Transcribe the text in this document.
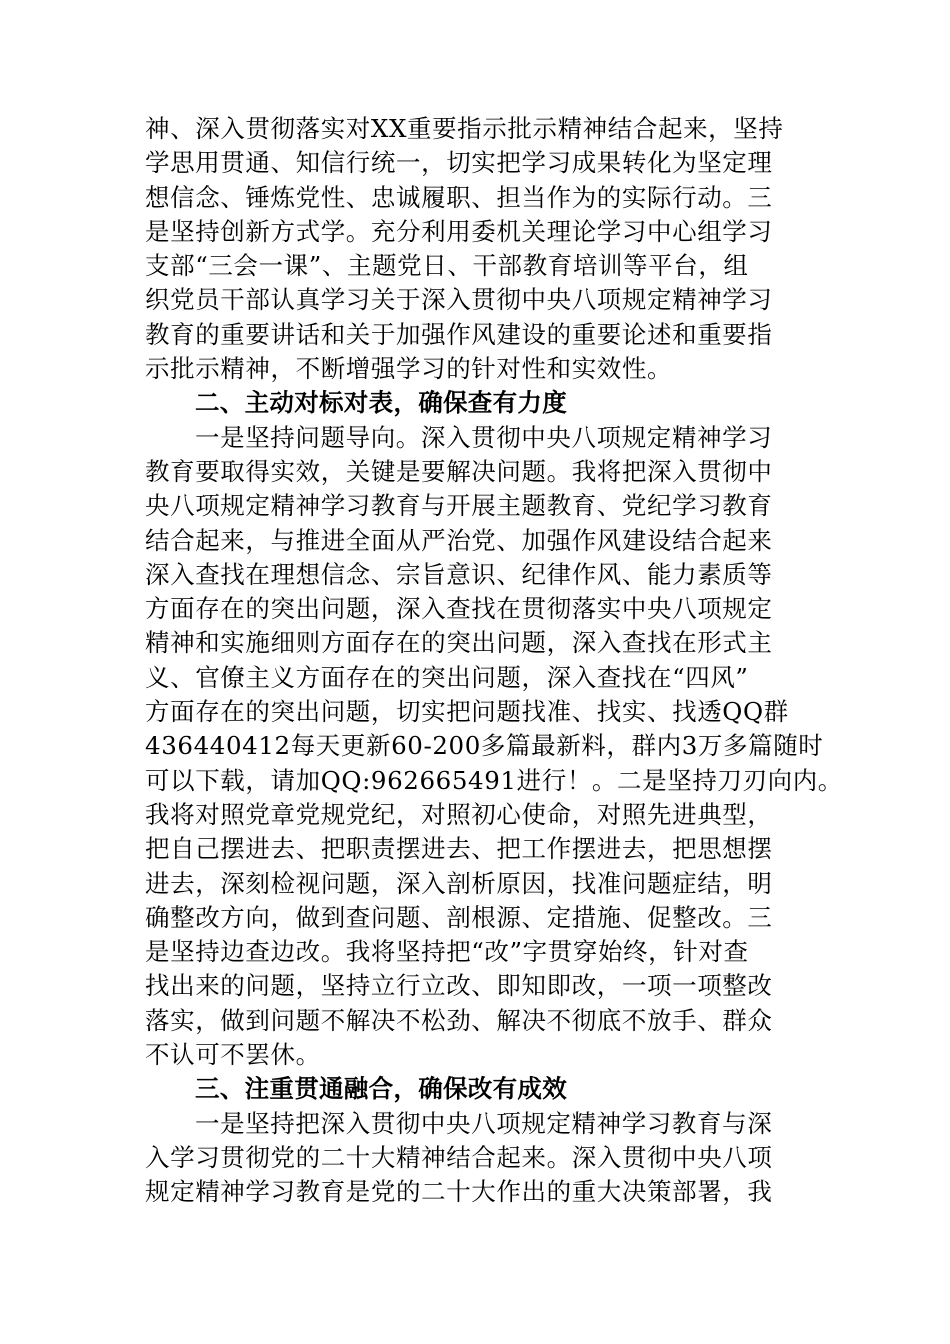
神、深入贯彻落实对XX重要指示批示精神结合起来，坚持
学思用贯通、知信行统一，切实把学习成果转化为坚定理
想信念、锤炼党性、忠诚履职、担当作为的实际行动。三
是坚持创新方式学。充分利用委机关理论学习中心组学习
支部“三会一课”、主题党日、干部教育培训等平台，组
织党员干部认真学习关于深入贯彻中央八项规定精神学习
教育的重要讲话和关于加强作风建设的重要论述和重要指
示批示精神，不断增强学习的针对性和实效性。
二、主动对标对表，确保查有力度
一是坚持问题导向。深入贯彻中央八项规定精神学习
教育要取得实效，关键是要解决问题。我将把深入贯彻中
央八项规定精神学习教育与开展主题教育、党纪学习教育
结合起来，与推进全面从严治党、加强作风建设结合起来
深入查找在理想信念、宗旨意识、纪律作风、能力素质等
方面存在的突出问题，深入查找在贯彻落实中央八项规定
精神和实施细则方面存在的突出问题，深入查找在形式主
义、官僚主义方面存在的突出问题，深入查找在“四风”
方面存在的突出问题，切实把问题找准、找实、找透QQ群
436440412每天更新60-200多篇最新料，群内3万多篇随时
可以下载，请加QQ:962665491进行！。二是坚持刀刃向内。
我将对照党章党规党纪，对照初心使命，对照先进典型，
把自己摆进去、把职责摆进去、把工作摆进去，把思想摆
进去，深刻检视问题，深入剖析原因，找准问题症结，明
确整改方向，做到查问题、剖根源、定措施、促整改。三
是坚持边查边改。我将坚持把“改”字贯穿始终，针对查
找出来的问题，坚持立行立改、即知即改，一项一项整改
落实，做到问题不解决不松劲、解决不彻底不放手、群众
不认可不罢休。
三、注重贯通融合，确保改有成效
一是坚持把深入贯彻中央八项规定精神学习教育与深
入学习贯彻党的二十大精神结合起来。深入贯彻中央八项
规定精神学习教育是党的二十大作出的重大决策部署，我
